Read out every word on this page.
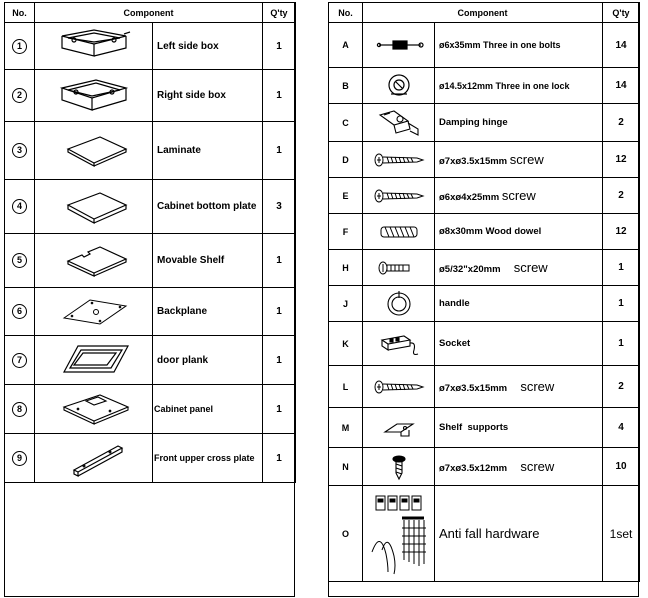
No.	Component		Q'ty
1		Left side box	1
2		Right side box	1
3		Laminate	1
4		Cabinet bottom plate	3
5		Movable Shelf	1
6		Backplane	1
7		door plank	1
8		Cabinet panel	1
9		Front upper cross plate	1
No.	Component		Q'ty
A		ø6x35mm Three in one bolts	14
B		ø14.5x12mm Three in one lock	14
C		Damping hinge	2
D		ø7xø3.5x15mm screw	12
E		ø6xø4x25mm screw	2
F		ø8x30mm Wood dowel	12
H		ø5/32"x20mm screw	1
J		handle	1
K		Socket	1
L		ø7xø3.5x15mm screw	2
M		Shelf supports	4
N		ø7xø3.5x12mm screw	10
O		Anti fall hardware	1set
